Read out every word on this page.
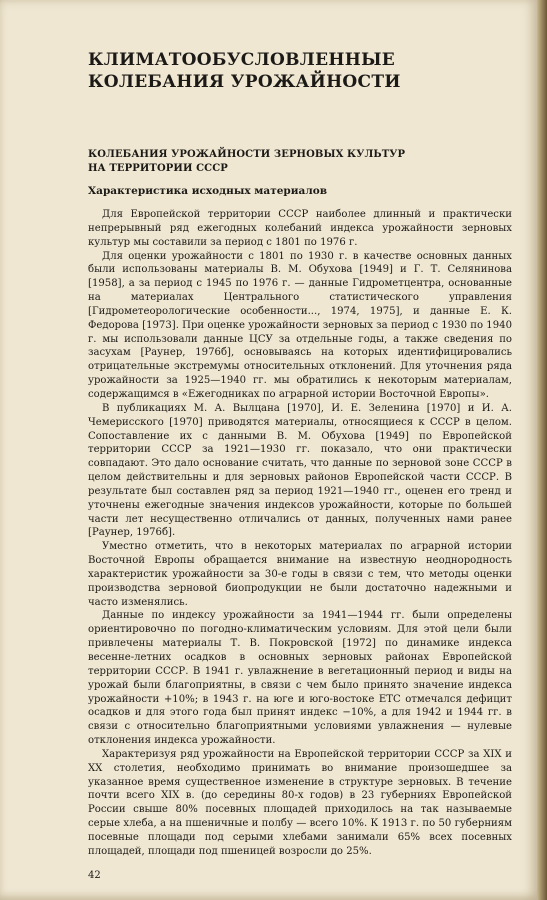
КЛИМАТООБУСЛОВЛЕННЫЕ
КОЛЕБАНИЯ УРОЖАЙНОСТИ
КОЛЕБАНИЯ УРОЖАЙНОСТИ ЗЕРНОВЫХ КУЛЬТУР
НА ТЕРРИТОРИИ СССР
Характеристика исходных материалов

Для Европейской территории СССР наиболее длинный и практически непрерывный ряд ежегодных колебаний индекса урожайности зерновых культур мы составили за период с 1801 по 1976 г.

Для оценки урожайности с 1801 по 1930 г. в качестве основных данных были использованы материалы В. М. Обухова [1949] и Г. Т. Селянинова [1958], а за период с 1945 по 1976 г. — данные Гидрометцентра, основанные на материалах Центрального статистического управления [Гидрометеорологические особенности..., 1974, 1975], и данные Е. К. Федорова [1973]. При оценке урожайности зерновых за период с 1930 по 1940 г. мы использовали данные ЦСУ за отдельные годы, а также сведения по засухам [Раунер, 1976б], основываясь на которых идентифицировались отрицательные экстремумы относительных отклонений. Для уточнения ряда урожайности за 1925—1940 гг. мы обратились к некоторым материалам, содержащимся в «Ежегодниках по аграрной истории Восточной Европы».

В публикациях М. А. Вылцана [1970], И. Е. Зеленина [1970] и И. А. Чемерисского [1970] приводятся материалы, относящиеся к СССР в целом. Сопоставление их с данными В. М. Обухова [1949] по Европейской территории СССР за 1921—1930 гг. показало, что они практически совпадают. Это дало основание считать, что данные по зерновой зоне СССР в целом действительны и для зерновых районов Европейской части СССР. В результате был составлен ряд за период 1921—1940 гг., оценен его тренд и уточнены ежегодные значения индексов урожайности, которые по большей части лет несущественно отличались от данных, полученных нами ранее [Раунер, 1976б].

Уместно отметить, что в некоторых материалах по аграрной истории Восточной Европы обращается внимание на известную неоднородность характеристик урожайности за 30-е годы в связи с тем, что методы оценки производства зерновой биопродукции не были достаточно надежными и часто изменялись.

Данные по индексу урожайности за 1941—1944 гг. были определены ориентировочно по погодно-климатическим условиям. Для этой цели были привлечены материалы Т. В. Покровской [1972] по динамике индекса весенне-летних осадков в основных зерновых районах Европейской территории СССР. В 1941 г. увлажнение в вегетационный период и виды на урожай были благоприятны, в связи с чем было принято значение индекса урожайности +10%; в 1943 г. на юге и юго-востоке ЕТС отмечался дефицит осадков и для этого года был принят индекс −10%, а для 1942 и 1944 гг. в связи с относительно благоприятными условиями увлажнения — нулевые отклонения индекса урожайности.

Характеризуя ряд урожайности на Европейской территории СССР за XIX и XX столетия, необходимо принимать во внимание произошедшее за указанное время существенное изменение в структуре зерновых. В течение почти всего XIX в. (до середины 80-х годов) в 23 губерниях Европейской России свыше 80% посевных площадей приходилось на так называемые серые хлеба, а на пшеничные и полбу — всего 10%. К 1913 г. по 50 губерниям посевные площади под серыми хлебами занимали 65% всех посевных площадей, площади под пшеницей возросли до 25%.

42
